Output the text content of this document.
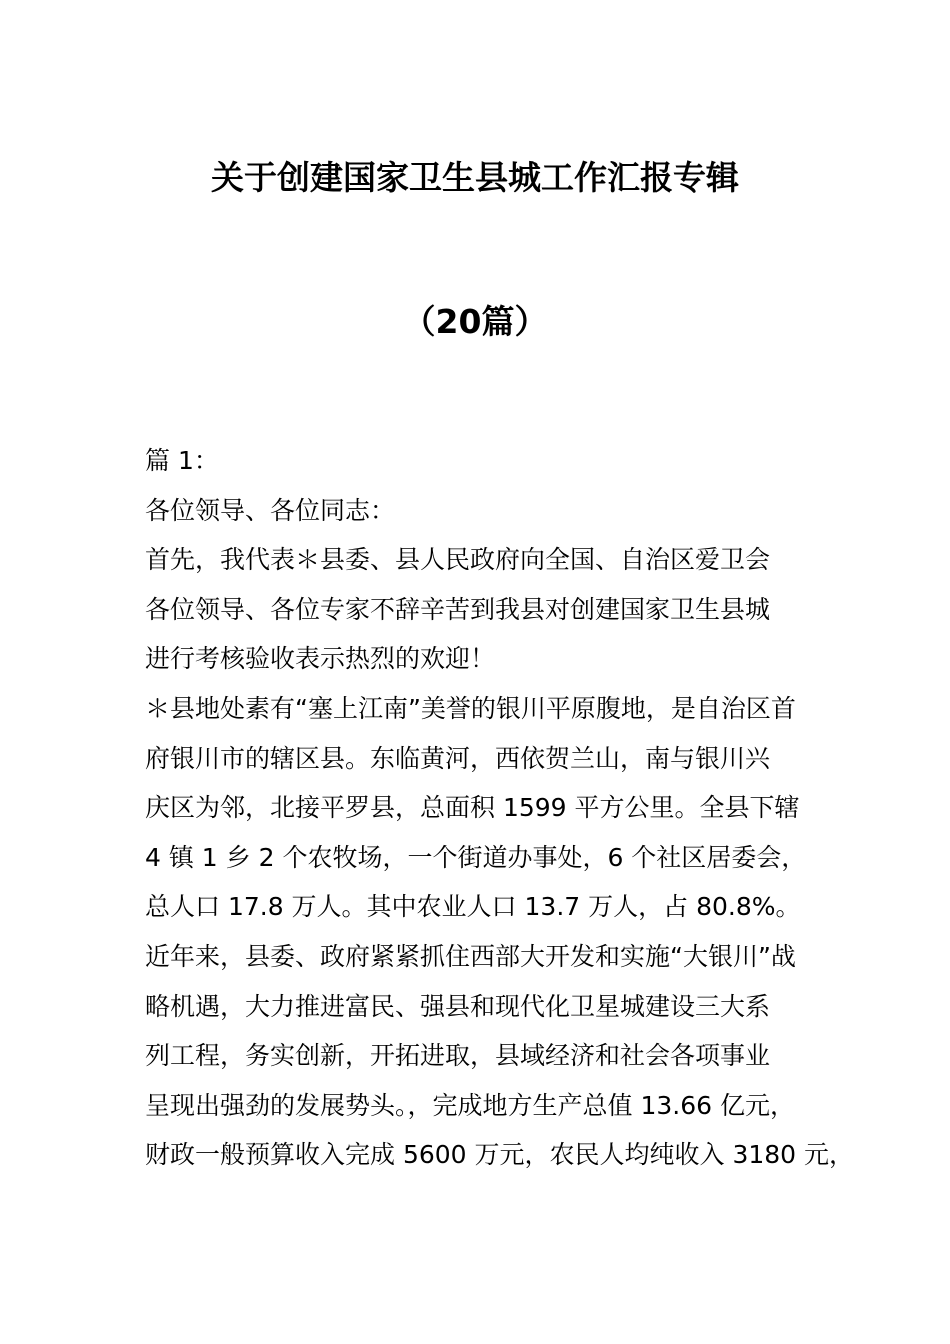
关于创建国家卫生县城工作汇报专辑
（20篇）
篇 1：
各位领导、各位同志：
首先，我代表＊县委、县人民政府向全国、自治区爱卫会
各位领导、各位专家不辞辛苦到我县对创建国家卫生县城
进行考核验收表示热烈的欢迎！
＊县地处素有“塞上江南”美誉的银川平原腹地，是自治区首
府银川市的辖区县。东临黄河，西依贺兰山，南与银川兴
庆区为邻，北接平罗县，总面积 1599 平方公里。全县下辖
4 镇 1 乡 2 个农牧场，一个街道办事处，6 个社区居委会，
总人口 17.8 万人。其中农业人口 13.7 万人，占 80.8%。
近年来，县委、政府紧紧抓住西部大开发和实施“大银川”战
略机遇，大力推进富民、强县和现代化卫星城建设三大系
列工程，务实创新，开拓进取，县域经济和社会各项事业
呈现出强劲的发展势头。，完成地方生产总值 13.66 亿元，
财政一般预算收入完成 5600 万元，农民人均纯收入 3180 元，
